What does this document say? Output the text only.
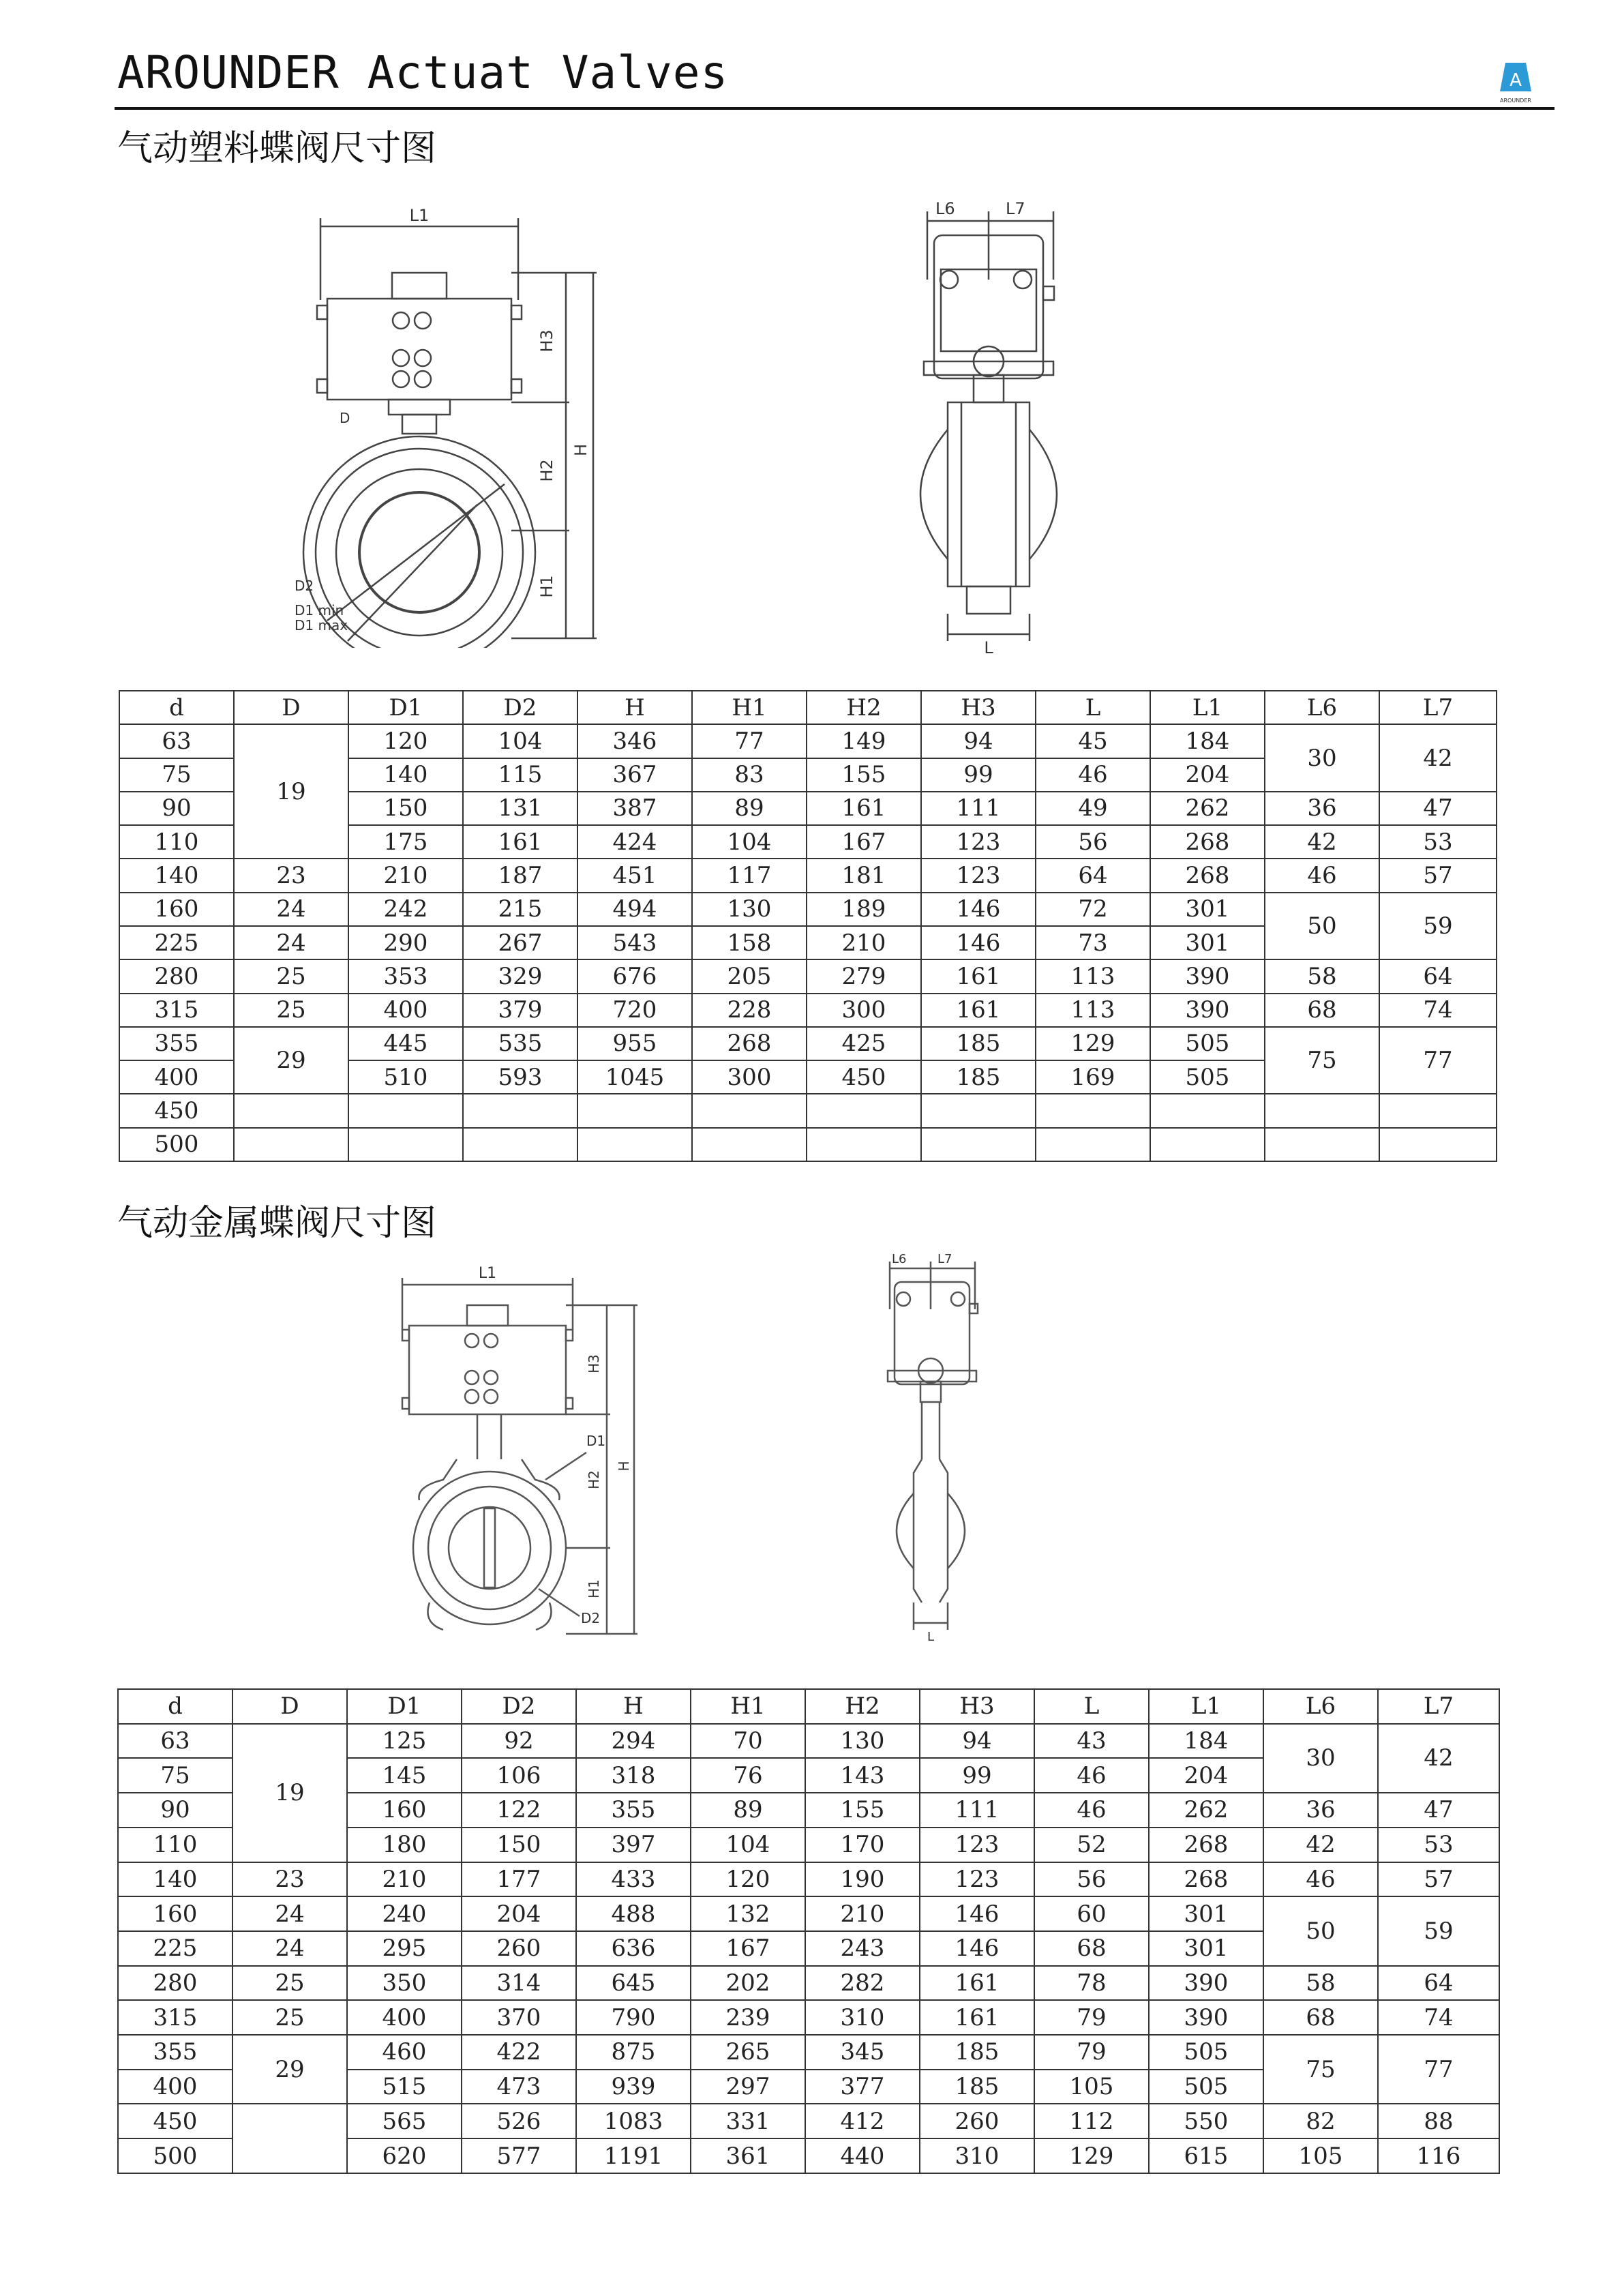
AROUNDER Actuat Valves	A
AROUNDER
气动塑料蝶阀尺寸图
L1
H3
H
H2
H1
D
D2
D1 min
D1 max
L6	L7
L
d	D	D1	D2	H	H1	H2	H3	L	L1	L6	L7
63	19	120	104	346	77	149	94	45	184	30	42
75		140	115	367	83	155	99	46	204		
90		150	131	387	89	161	111	49	262	36	47
110		175	161	424	104	167	123	56	268	42	53
140	23	210	187	451	117	181	123	64	268	46	57
160	24	242	215	494	130	189	146	72	301	50	59
225	24	290	267	543	158	210	146	73	301		
280	25	353	329	676	205	279	161	113	390	58	64
315	25	400	379	720	228	300	161	113	390	68	74
355	29	445	535	955	268	425	185	129	505	75	77
400		510	593	1045	300	450	185	169	505		
450											
500											
气动金属蝶阀尺寸图
L1
D1
D2
H3
H
H2
H1
L6	L7
L
d	D	D1	D2	H	H1	H2	H3	L	L1	L6	L7
63	19	125	92	294	70	130	94	43	184	30	42
75		145	106	318	76	143	99	46	204		
90		160	122	355	89	155	111	46	262	36	47
110		180	150	397	104	170	123	52	268	42	53
140	23	210	177	433	120	190	123	56	268	46	57
160	24	240	204	488	132	210	146	60	301	50	59
225	24	295	260	636	167	243	146	68	301		
280	25	350	314	645	202	282	161	78	390	58	64
315	25	400	370	790	239	310	161	79	390	68	74
355	29	460	422	875	265	345	185	79	505	75	77
400		515	473	939	297	377	185	105	505		
450		565	526	1083	331	412	260	112	550	82	88
500		620	577	1191	361	440	310	129	615	105	116
